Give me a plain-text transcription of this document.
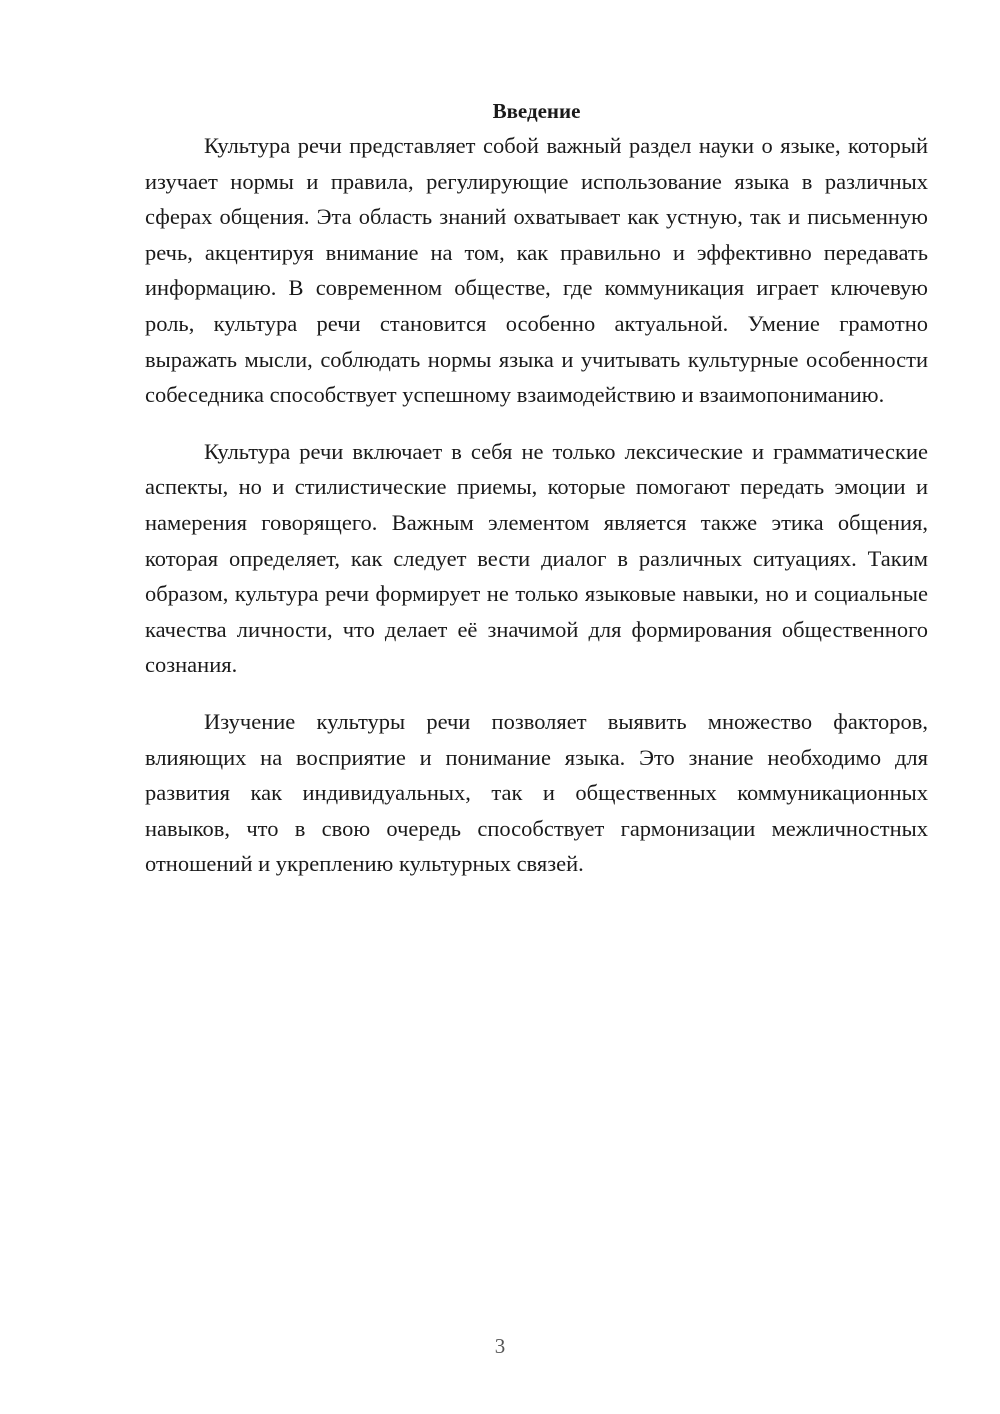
Введение

Культура речи представляет собой важный раздел науки о языке, который изучает нормы и правила, регулирующие использование языка в различных сферах общения. Эта область знаний охватывает как устную, так и письменную речь, акцентируя внимание на том, как правильно и эффективно передавать информацию. В современном обществе, где коммуникация играет ключевую роль, культура речи становится особенно актуальной. Умение грамотно выражать мысли, соблюдать нормы языка и учитывать культурные особенности собеседника способствует успешному взаимодействию и взаимопониманию.

Культура речи включает в себя не только лексические и грамматические аспекты, но и стилистические приемы, которые помогают передать эмоции и намерения говорящего. Важным элементом является также этика общения, которая определяет, как следует вести диалог в различных ситуациях. Таким образом, культура речи формирует не только языковые навыки, но и социальные качества личности, что делает её значимой для формирования общественного сознания.

Изучение культуры речи позволяет выявить множество факторов, влияющих на восприятие и понимание языка. Это знание необходимо для развития как индивидуальных, так и общественных коммуникационных навыков, что в свою очередь способствует гармонизации межличностных отношений и укреплению культурных связей.

3
